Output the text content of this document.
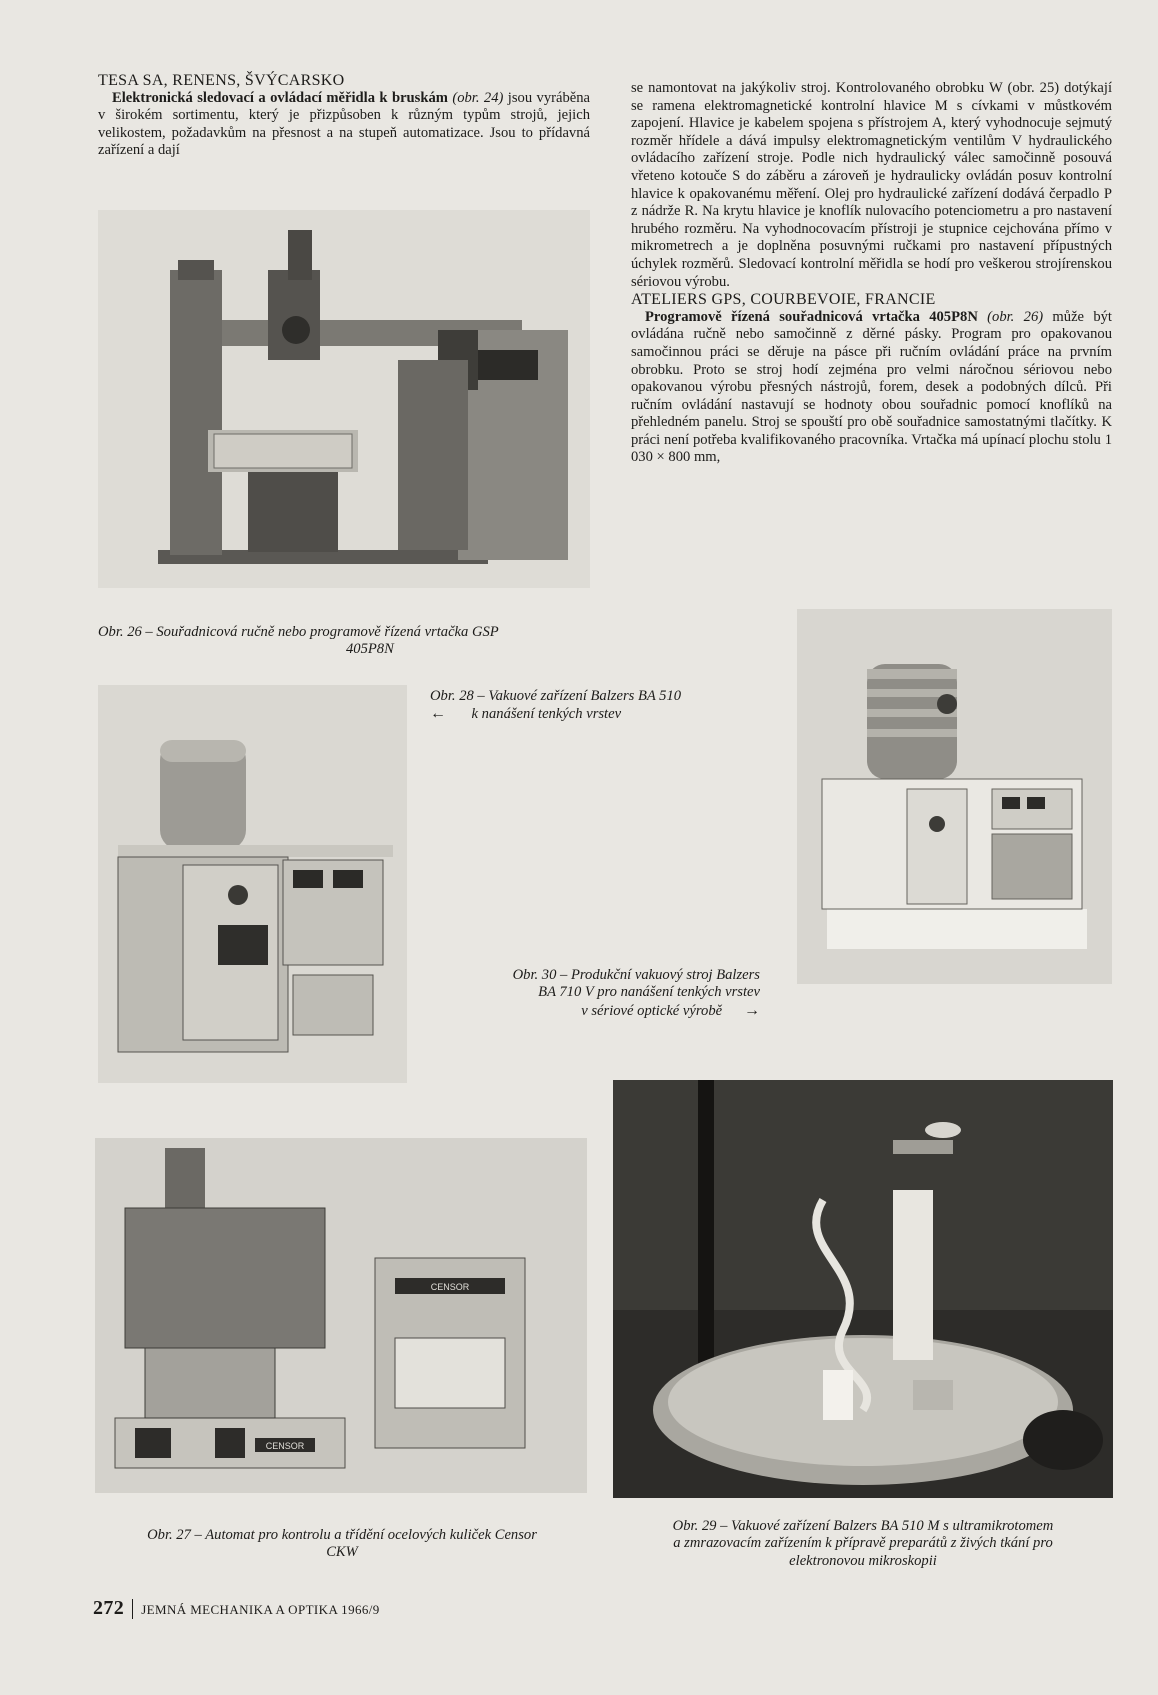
TESA SA, RENENS, ŠVÝCARSKO

Elektronická sledovací a ovládací měřidla k bruskám (obr. 24) jsou vyráběna v širokém sortimentu, který je přizpůsoben k různým typům strojů, jejich velikostem, požadavkům na přesnost a na stupeň automatizace. Jsou to přídavná zařízení a dají

se namontovat na jakýkoliv stroj. Kontrolovaného obrobku W (obr. 25) dotýkají se ramena elektromagnetické kontrolní hlavice M s cívkami v můstkovém zapojení. Hlavice je kabelem spojena s přístrojem A, který vyhodnocuje sejmutý rozměr hřídele a dává impulsy elektromagnetickým ventilům V hydraulického ovládacího zařízení stroje. Podle nich hydraulický válec samočinně posouvá vřeteno kotouče S do záběru a zároveň je hydraulicky ovládán posuv kontrolní hlavice k opakovanému měření. Olej pro hydraulické zařízení dodává čerpadlo P z nádrže R. Na krytu hlavice je knoflík nulovacího potenciometru a pro nastavení hrubého rozměru. Na vyhodnocovacím přístroji je stupnice cejchována přímo v mikrometrech a je doplněna posuvnými ručkami pro nastavení přípustných úchylek rozměrů. Sledovací kontrolní měřidla se hodí pro veškerou strojírenskou sériovou výrobu.

ATELIERS GPS, COURBEVOIE, FRANCIE

Programově řízená souřadnicová vrtačka 405P8N (obr. 26) může být ovládána ručně nebo samočinně z děrné pásky. Program pro opakovanou samočinnou práci se děruje na pásce při ručním ovládání práce na prvním obrobku. Proto se stroj hodí zejména pro velmi náročnou sériovou nebo opakovanou výrobu přesných nástrojů, forem, desek a podobných dílců. Při ručním ovládání nastavují se hodnoty obou souřadnic pomocí knoflíků na přehledném panelu. Stroj se spouští pro obě souřadnice samostatnými tlačítky. K práci není potřeba kvalifikovaného pracovníka. Vrtačka má upínací plochu stolu 1 030 × 800 mm,

CENSOR
CENSOR
Obr. 26 – Souřadnicová ručně nebo programově řízená vrtačka GSP
405P8N
Obr. 28 – Vakuové zařízení Balzers BA 510
← k nanášení tenkých vrstev
Obr. 30 – Produkční vakuový stroj Balzers
BA 710 V pro nanášení tenkých vrstev
v sériové optické výrobě →
Obr. 27 – Automat pro kontrolu a třídění ocelových kuliček Censor
CKW
Obr. 29 – Vakuové zařízení Balzers BA 510 M s ultramikrotomem
a zmrazovacím zařízením k přípravě preparátů z živých tkání pro
elektronovou mikroskopii
272 JEMNÁ MECHANIKA A OPTIKA 1966/9
